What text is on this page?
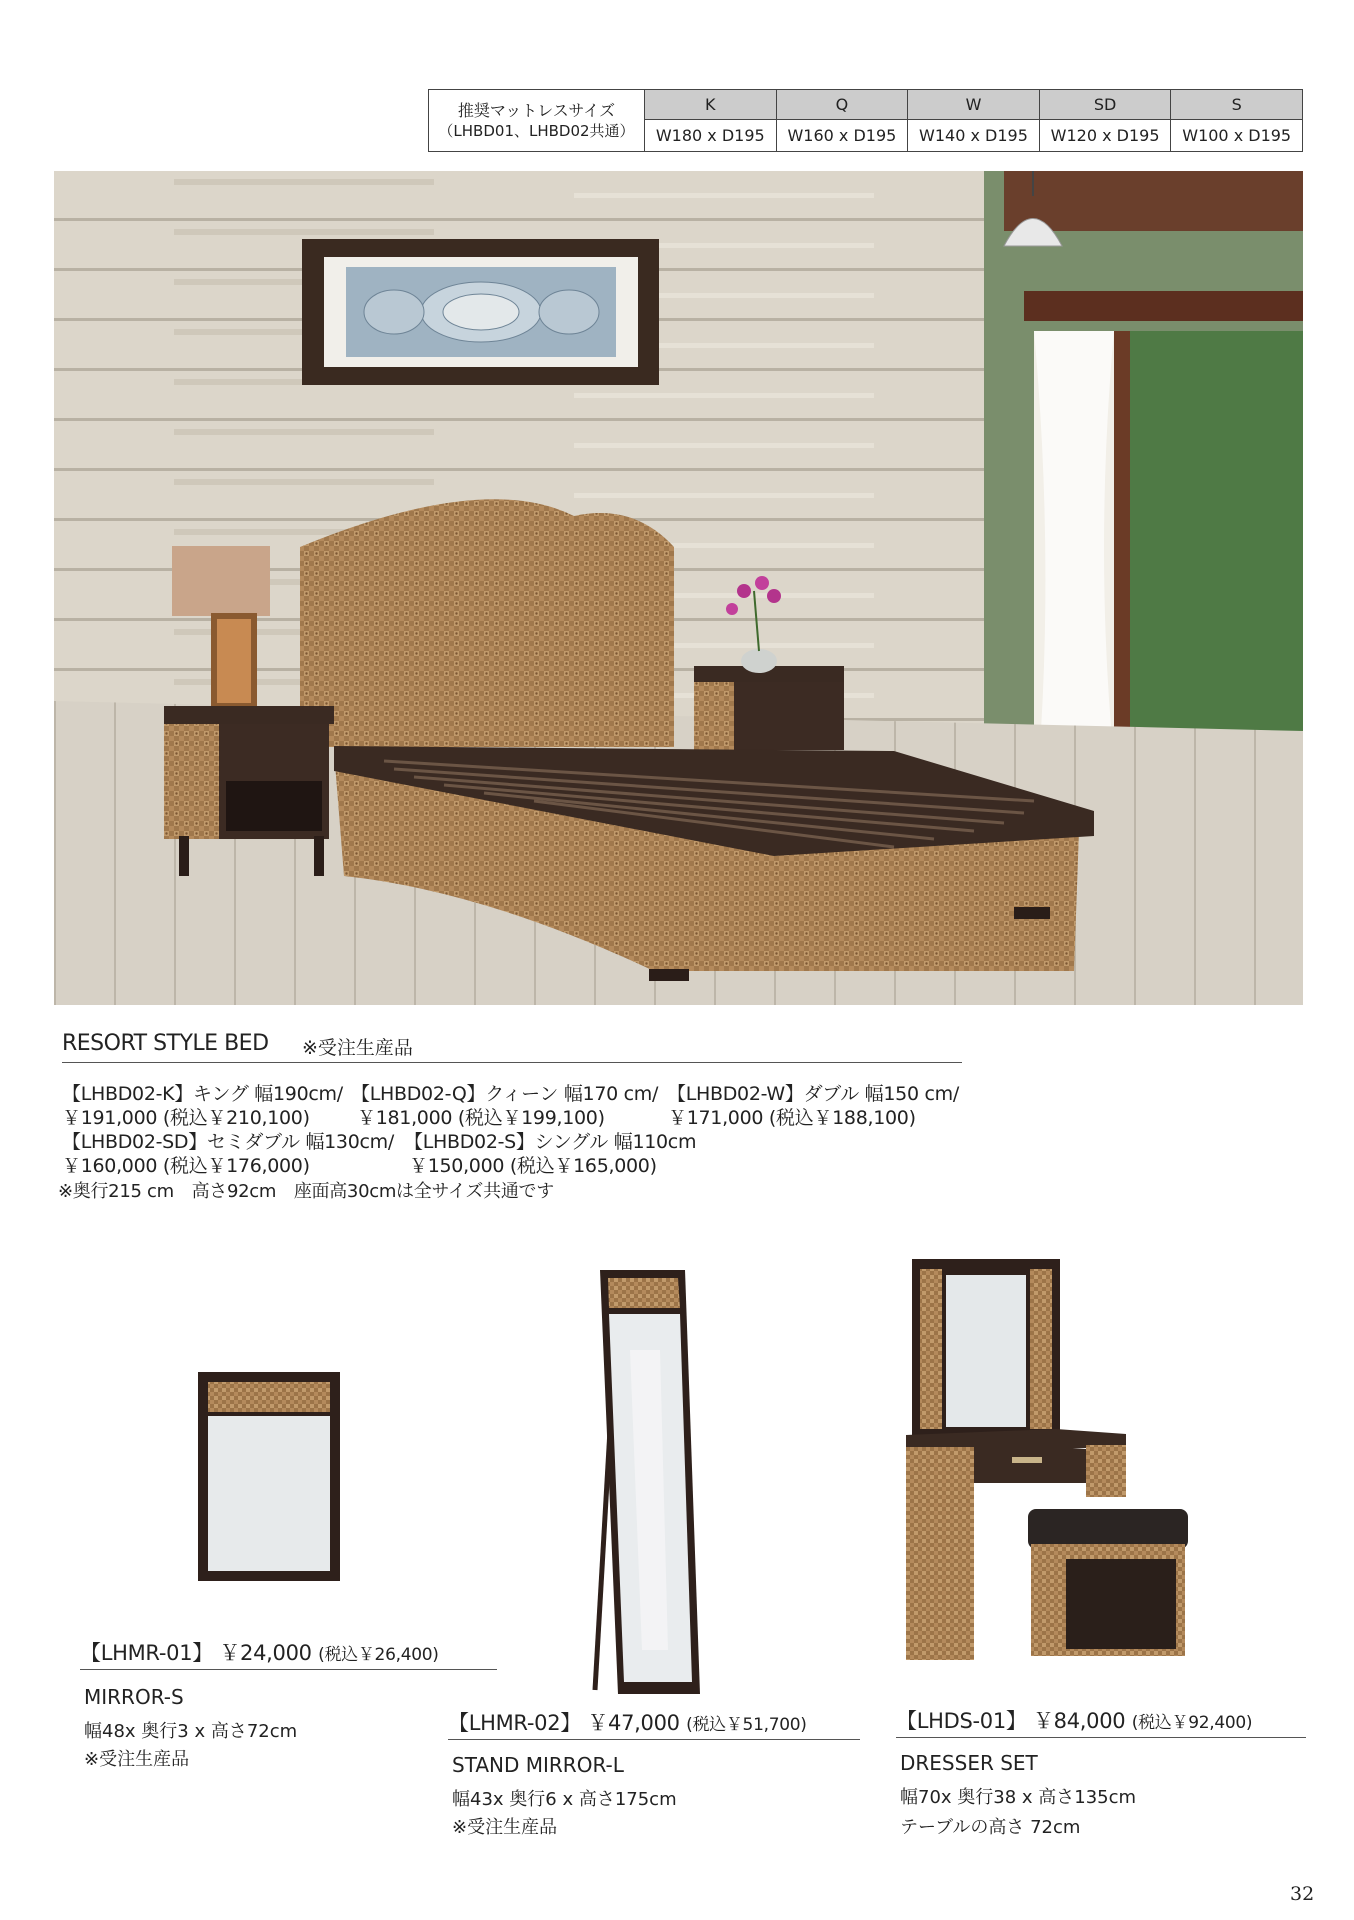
推奨マットレスサイズ
（LHBD01、LHBD02共通）	K	Q	W	SD	S
	W180 x D195	W160 x D195	W140 x D195	W120 x D195	W100 x D195
RESORT STYLE BED ※受注生産品
【LHBD02-K】キング 幅190cm/ 【LHBD02-Q】クィーン 幅170 cm/ 【LHBD02-W】ダブル 幅150 cm/
￥191,000 (税込￥210,100) ￥181,000 (税込￥199,100)	￥171,000 (税込￥188,100)
【LHBD02-SD】セミダブル 幅130cm/ 【LHBD02-S】シングル 幅110cm
￥160,000 (税込￥176,000)	￥150,000 (税込￥165,000)
※奥行215 cm　高さ92cm　座面高30cmは全サイズ共通です
【LHMR-01】 ￥24,000 (税込￥26,400)
MIRROR-S
幅48x 奥行3 x 高さ72cm
※受注生産品
【LHMR-02】 ￥47,000 (税込￥51,700)
STAND MIRROR-L
幅43x 奥行6 x 高さ175cm
※受注生産品
【LHDS-01】 ￥84,000 (税込￥92,400)
DRESSER SET
幅70x 奥行38 x 高さ135cm
テーブルの高さ 72cm
32
